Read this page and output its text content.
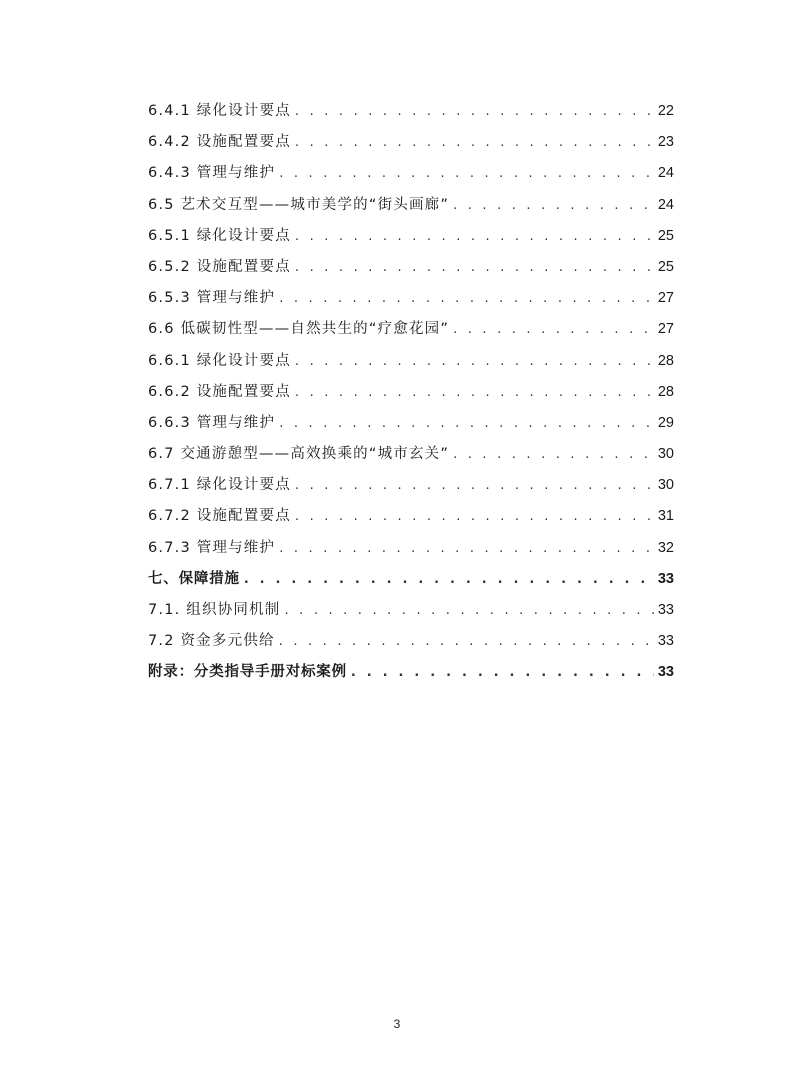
6.4.1 绿化设计要点 . . .	22
6.4.2 设施配置要点 . . .	23
6.4.3 管理与维护 . . .	24
6.5 艺术交互型——城市美学的“街头画廊” . . .	24
6.5.1 绿化设计要点 . . .	25
6.5.2 设施配置要点 . . .	25
6.5.3 管理与维护 . . .	27
6.6 低碳韧性型——自然共生的“疗愈花园” . . .	27
6.6.1 绿化设计要点 . . .	28
6.6.2 设施配置要点 . . .	28
6.6.3 管理与维护 . . .	29
6.7 交通游憩型——高效换乘的“城市玄关” . . .	30
6.7.1 绿化设计要点 . . .	30
6.7.2 设施配置要点 . . .	31
6.7.3 管理与维护 . . .	32
七、保障措施 . . .	33
7.1. 组织协同机制 . . .	33
7.2 资金多元供给 . . .	33
附录：分类指导手册对标案例 . . .	33
3
